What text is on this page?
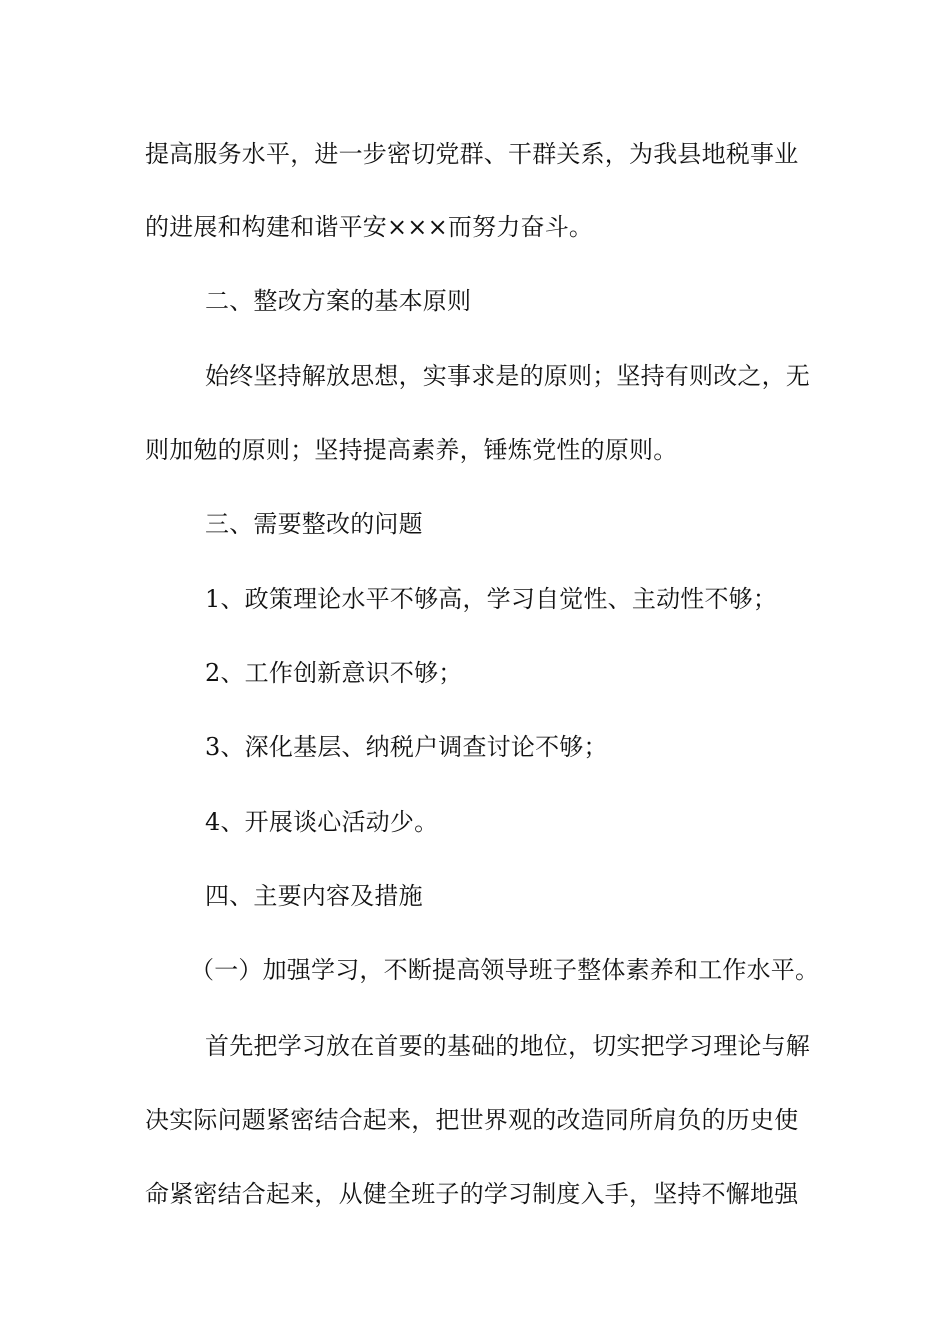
提高服务水平，进一步密切党群、干群关系，为我县地税事业

的进展和构建和谐平安×××而努力奋斗。

二、整改方案的基本原则

始终坚持解放思想，实事求是的原则；坚持有则改之，无

则加勉的原则；坚持提高素养，锤炼党性的原则。

三、需要整改的问题

1、政策理论水平不够高，学习自觉性、主动性不够；

2、工作创新意识不够；

3、深化基层、纳税户调查讨论不够；

4、开展谈心活动少。

四、主要内容及措施

（一）加强学习，不断提高领导班子整体素养和工作水平。

首先把学习放在首要的基础的地位，切实把学习理论与解

决实际问题紧密结合起来，把世界观的改造同所肩负的历史使

命紧密结合起来，从健全班子的学习制度入手，坚持不懈地强
